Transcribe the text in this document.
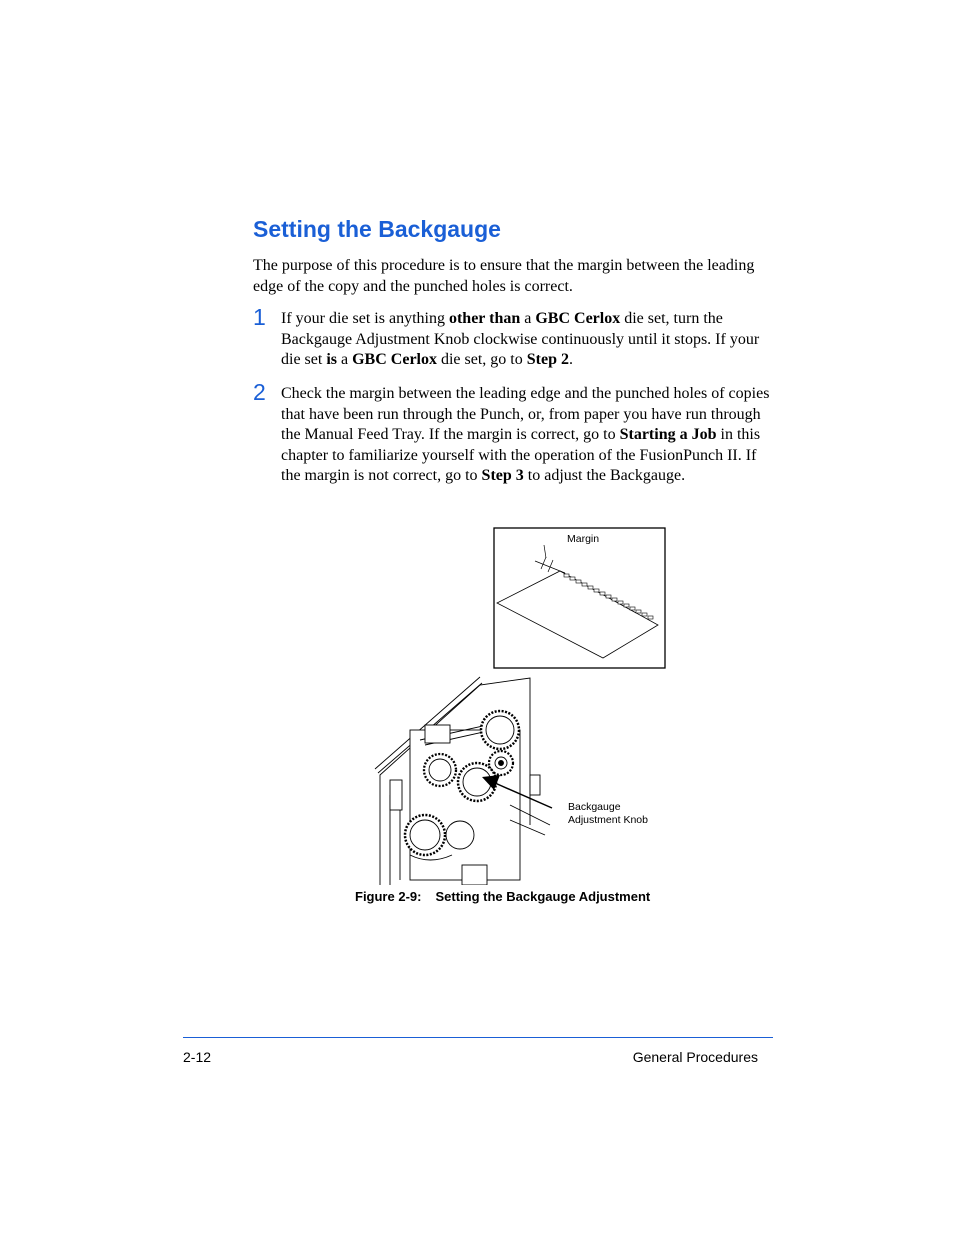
Setting the Backgauge

The purpose of this procedure is to ensure that the margin between the leading edge of the copy and the punched holes is correct.

1 If your die set is anything other than a GBC Cerlox die set, turn the Backgauge Adjustment Knob clockwise continuously until it stops. If your die set is a GBC Cerlox die set, go to Step 2.

2 Check the margin between the leading edge and the punched holes of copies that have been run through the Punch, or, from paper you have run through the Manual Feed Tray. If the margin is correct, go to Starting a Job in this chapter to familiarize yourself with the operation of the FusionPunch II. If the margin is not correct, go to Step 3 to adjust the Backgauge.

Margin
Backgauge
Adjustment Knob
Figure 2-9: Setting the Backgauge Adjustment
2-12	General Procedures
